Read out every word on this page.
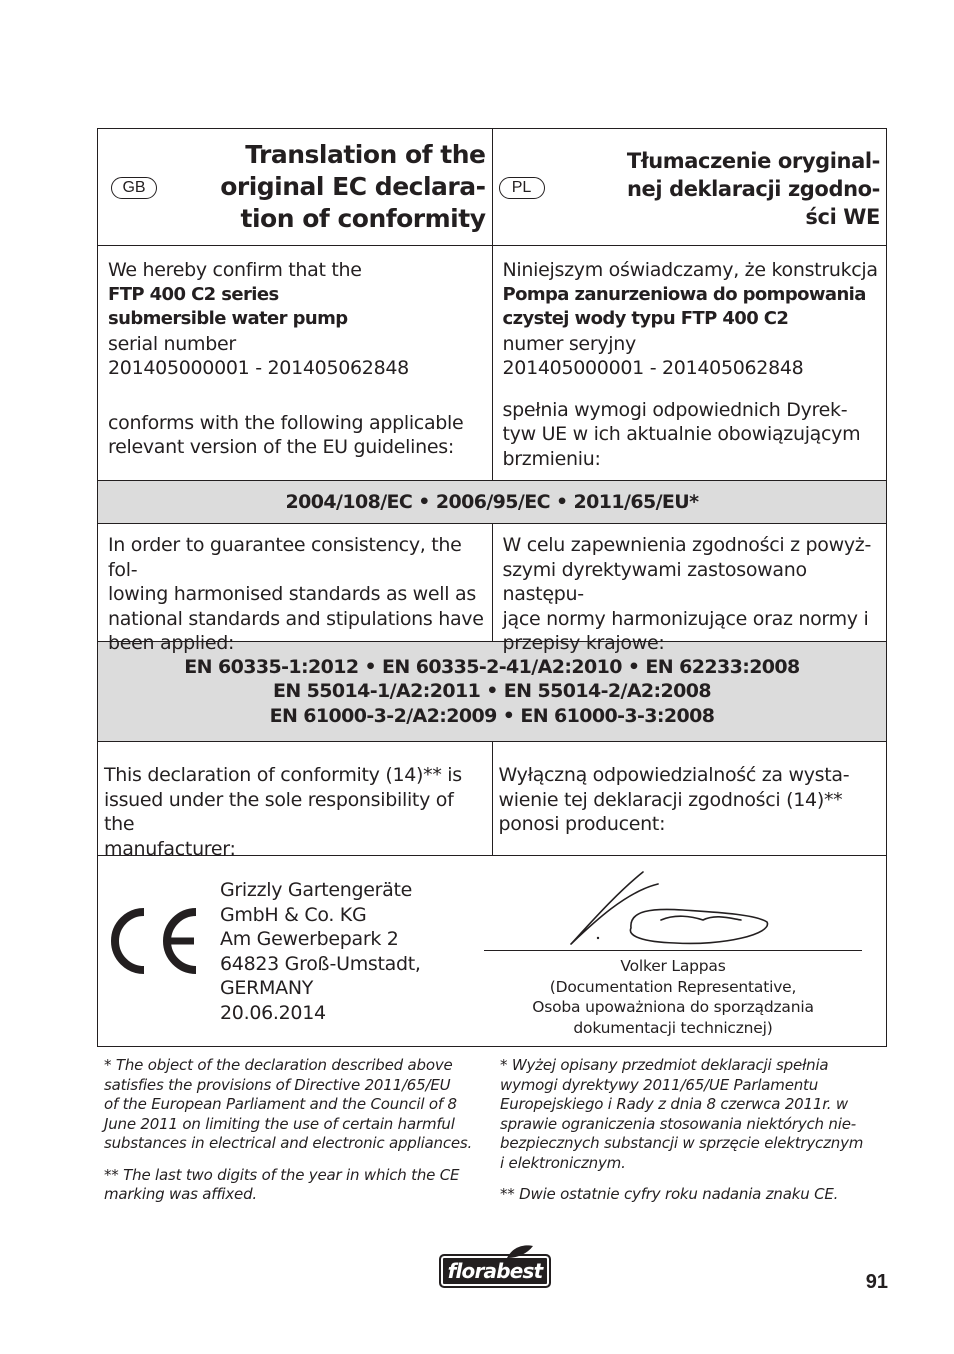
GB
Translation of the
original EC declara-
tion of conformity
PL
Tłumaczenie oryginal-
nej deklaracji zgodno-
ści WE
We hereby confirm that the
FTP 400 C2 series
submersible water pump
serial number
201405000001 - 201405062848
conforms with the following applicable
relevant version of the EU guidelines:
Niniejszym oświadczamy, że konstrukcja
Pompa zanurzeniowa do pompowania
czystej wody typu FTP 400 C2
numer seryjny
201405000001 - 201405062848
spełnia wymogi odpowiednich Dyrek-
tyw UE w ich aktualnie obowiązującym
brzmieniu:
2004/108/EC • 2006/95/EC • 2011/65/EU*
In order to guarantee consistency, the fol-
lowing harmonised standards as well as
national standards and stipulations have
been applied:
W celu zapewnienia zgodności z powyż-
szymi dyrektywami zastosowano następu-
jące normy harmonizujące oraz normy i
przepisy krajowe:
EN 60335-1:2012 • EN 60335-2-41/A2:2010 • EN 62233:2008
EN 55014-1/A2:2011 • EN 55014-2/A2:2008
EN 61000-3-2/A2:2009 • EN 61000-3-3:2008
This declaration of conformity (14)** is
issued under the sole responsibility of the
manufacturer:
Wyłączną odpowiedzialność za wysta-
wienie tej deklaracji zgodności (14)**
ponosi producent:
Grizzly Gartengeräte
GmbH & Co. KG
Am Gewerbepark 2
64823 Groß-Umstadt,
GERMANY
20.06.2014
Volker Lappas
(Documentation Representative,
Osoba upoważniona do sporządzania
dokumentacji technicznej)

* The object of the declaration described above
satisfies the provisions of Directive 2011/65/EU
of the European Parliament and the Council of 8
June 2011 on limiting the use of certain harmful
substances in electrical and electronic appliances.

** The last two digits of the year in which the CE
marking was affixed.

* Wyżej opisany przedmiot deklaracji spełnia
wymogi dyrektywy 2011/65/UE Parlamentu
Europejskiego i Rady z dnia 8 czerwca 2011r. w
sprawie ograniczenia stosowania niektórych nie-
bezpiecznych substancji w sprzęcie elektrycznym
i elektronicznym.

** Dwie ostatnie cyfry roku nadania znaku CE.

florabest	91
